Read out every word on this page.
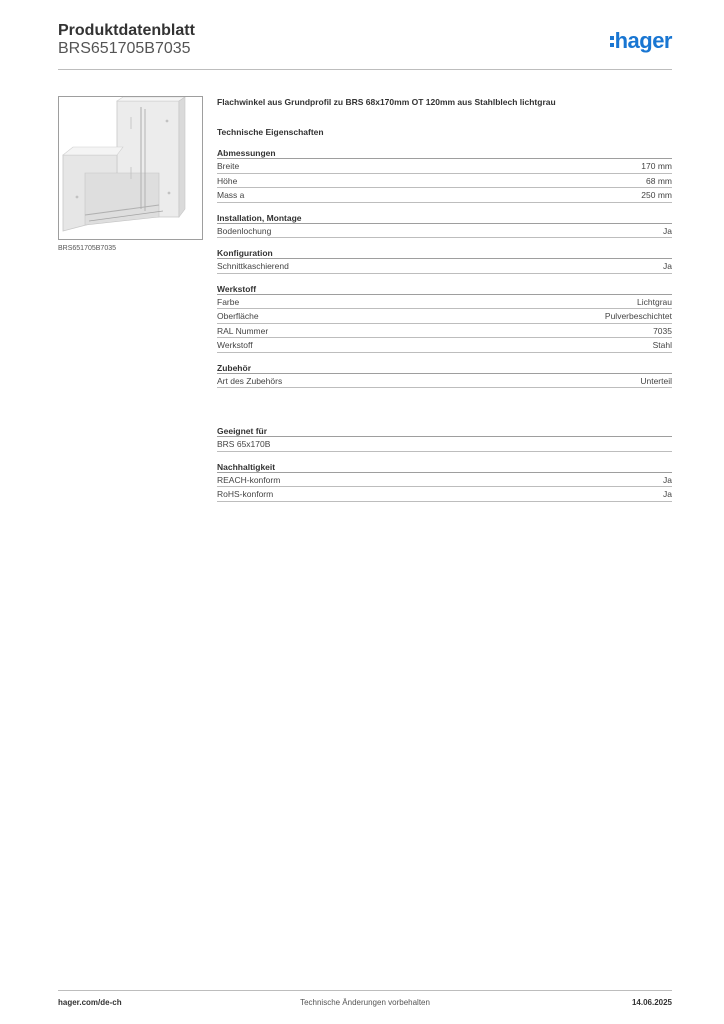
Produktdatenblatt
BRS651705B7035	hager
BRS651705B7035
Flachwinkel aus Grundprofil zu BRS 68x170mm OT 120mm aus Stahlblech lichtgrau
Technische Eigenschaften
Abmessungen
Breite	170 mm
Höhe	68 mm
Mass a	250 mm
Installation, Montage
Bodenlochung	Ja
Konfiguration
Schnittkaschierend	Ja
Werkstoff
Farbe	Lichtgrau
Oberfläche	Pulverbeschichtet
RAL Nummer	7035
Werkstoff	Stahl
Zubehör
Art des Zubehörs	Unterteil
Geeignet für
BRS 65x170B
Nachhaltigkeit
REACH-konform	Ja
RoHS-konform	Ja
hager.com/de-ch	Technische Änderungen vorbehalten	14.06.2025
